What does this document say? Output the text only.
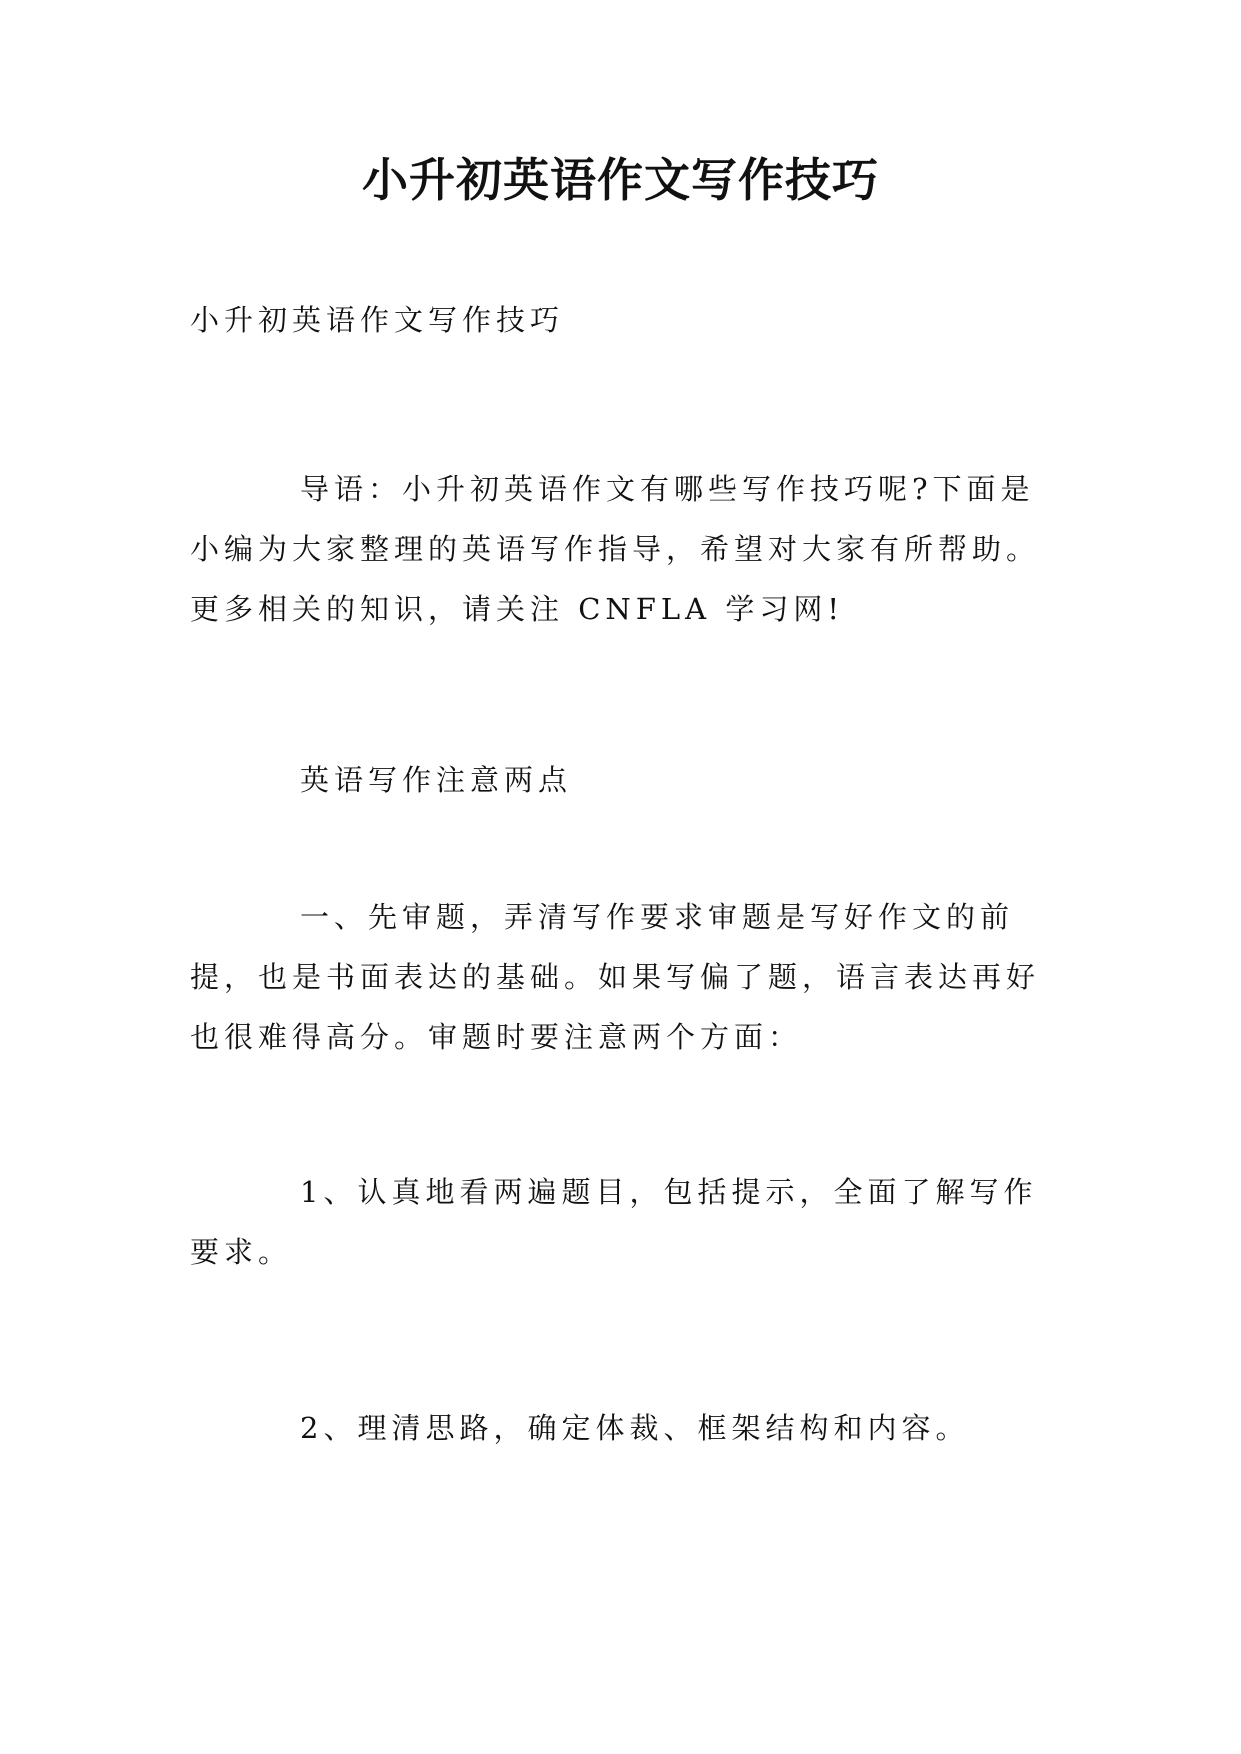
小升初英语作文写作技巧
小升初英语作文写作技巧
导语：小升初英语作文有哪些写作技巧呢?下面是小编为大家整理的英语写作指导，希望对大家有所帮助。更多相关的知识，请关注 CNFLA 学习网!
英语写作注意两点
一、先审题，弄清写作要求审题是写好作文的前提，也是书面表达的基础。如果写偏了题，语言表达再好也很难得高分。审题时要注意两个方面：
1、认真地看两遍题目，包括提示，全面了解写作要求。
2、理清思路，确定体裁、框架结构和内容。
